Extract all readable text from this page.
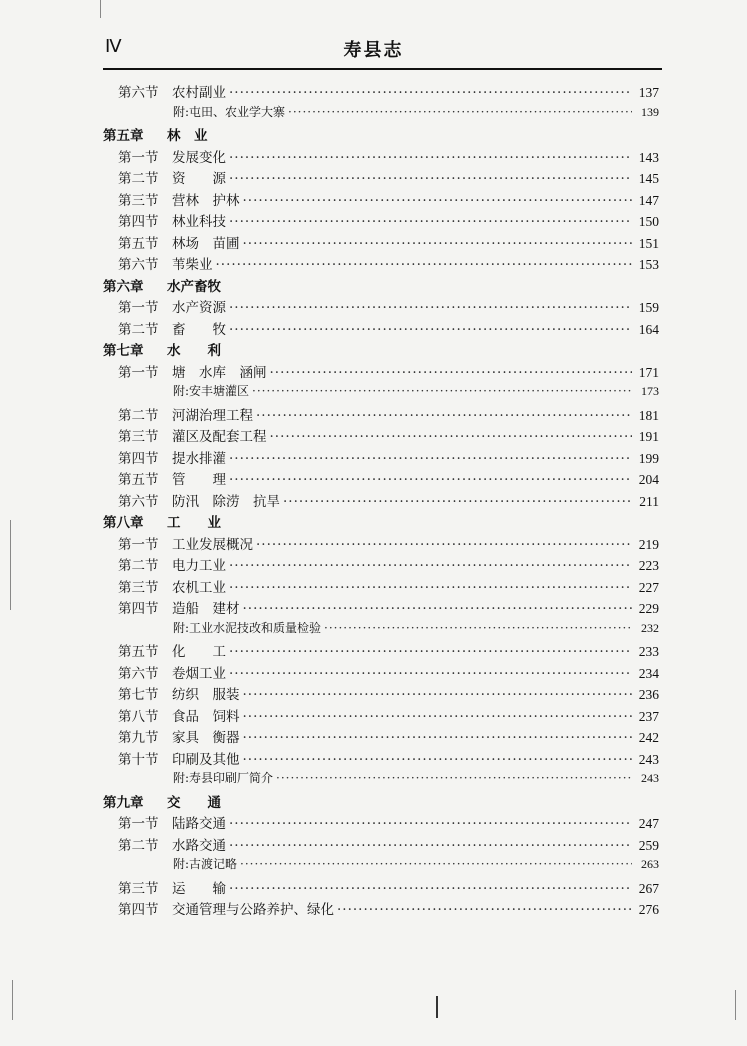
Ⅳ	寿县志
第六节	农村副业 ·····	137
附:屯田、农业学大寨 ·····	139
第五章	林　业
第一节	发展变化 ·····	143
第二节	资　　源 ·····	145
第三节	营林　护林 ·····	147
第四节	林业科技 ·····	150
第五节	林场　苗圃 ·····	151
第六节	苇柴业 ·····	153
第六章	水产畜牧
第一节	水产资源 ·····	159
第二节	畜　　牧 ·····	164
第七章	水　　利
第一节	塘　水库　涵闸 ·····	171
附:安丰塘灌区 ·····	173
第二节	河湖治理工程 ·····	181
第三节	灌区及配套工程 ·····	191
第四节	提水排灌 ·····	199
第五节	管　　理 ·····	204
第六节	防汛　除涝　抗旱 ·····	211
第八章	工　　业
第一节	工业发展概况 ·····	219
第二节	电力工业 ·····	223
第三节	农机工业 ·····	227
第四节	造船　建材 ·····	229
附:工业水泥技改和质量检验 ·····	232
第五节	化　　工 ·····	233
第六节	卷烟工业 ·····	234
第七节	纺织　服装 ·····	236
第八节	食品　饲料 ·····	237
第九节	家具　衡器 ·····	242
第十节	印刷及其他 ·····	243
附:寿县印刷厂简介 ·····	243
第九章	交　　通
第一节	陆路交通 ·····	247
第二节	水路交通 ·····	259
附:古渡记略 ·····	263
第三节	运　　输 ·····	267
第四节	交通管理与公路养护、绿化 ·····	276
